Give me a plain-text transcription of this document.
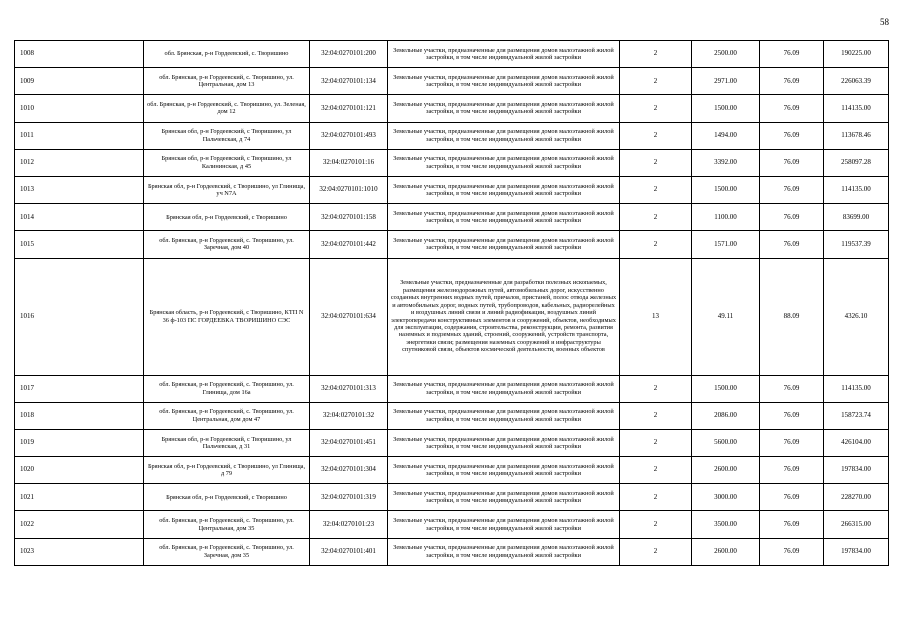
58
1008	обл. Брянская, р-н Гордеевский, с. Творишино	32:04:0270101:200	Земельные участки, предназначенные для размещения домов малоэтажной жилой застройки, в том числе индивидуальной жилой застройки	2	2500.00	76.09	190225.00
1009	обл. Брянская, р-н Гордеевский, с. Творишино, ул. Центральная, дом 13	32:04:0270101:134	Земельные участки, предназначенные для размещения домов малоэтажной жилой застройки, в том числе индивидуальной жилой застройки	2	2971.00	76.09	226063.39
1010	обл. Брянская, р-н Гордеевский, с. Творишино, ул. Зеленая, дом 12	32:04:0270101:121	Земельные участки, предназначенные для размещения домов малоэтажной жилой застройки, в том числе индивидуальной жилой застройки	2	1500.00	76.09	114135.00
1011	Брянская обл, р-н Гордеевский, с Творишино, ул Пальчевская, д 74	32:04:0270101:493	Земельные участки, предназначенные для размещения домов малоэтажной жилой застройки, в том числе индивидуальной жилой застройки	2	1494.00	76.09	113678.46
1012	Брянская обл, р-н Гордеевский, с Творишино, ул Калининская, д 45	32:04:0270101:16	Земельные участки, предназначенные для размещения домов малоэтажной жилой застройки, в том числе индивидуальной жилой застройки	2	3392.00	76.09	258097.28
1013	Брянская обл, р-н Гордеевский, с Творишино, ул Глинища, уч N7А	32:04:0270101:1010	Земельные участки, предназначенные для размещения домов малоэтажной жилой застройки, в том числе индивидуальной жилой застройки	2	1500.00	76.09	114135.00
1014	Брянская обл, р-н Гордеевский, с Творишино	32:04:0270101:158	Земельные участки, предназначенные для размещения домов малоэтажной жилой застройки, в том числе индивидуальной жилой застройки	2	1100.00	76.09	83699.00
1015	обл. Брянская, р-н Гордеевский, с. Творишино, ул. Заречная, дом 40	32:04:0270101:442	Земельные участки, предназначенные для размещения домов малоэтажной жилой застройки, в том числе индивидуальной жилой застройки	2	1571.00	76.09	119537.39
1016	Брянская область, р-н Гордеевский, с Творишино, КТП N 36 ф-103 ПС ГОРДЕЕВКА ТВОРИШИНО СЭС	32:04:0270101:634	Земельные участки, предназначенные для разработки полезных ископаемых, размещения железнодорожных путей, автомобильных дорог, искусственно созданных внутренних водных путей, причалов, пристаней, полос отвода железных и автомобильных дорог, водных путей, трубопроводов, кабельных, радиорелейных и воздушных линий связи и линий радиофикации, воздушных линий электропередачи конструктивных элементов и сооружений, объектов, необходимых для эксплуатации, содержания, строительства, реконструкции, ремонта, развития наземных и подземных зданий, строений, сооружений, устройств транспорта, энергетики связи; размещения наземных сооружений и инфраструктуры спутниковой связи, объектов космической деятельности, военных объектов	13	49.11	88.09	4326.10
1017	обл. Брянская, р-н Гордеевский, с. Творишино, ул. Глинища, дом 16а	32:04:0270101:313	Земельные участки, предназначенные для размещения домов малоэтажной жилой застройки, в том числе индивидуальной жилой застройки	2	1500.00	76.09	114135.00
1018	обл. Брянская, р-н Гордеевский, с. Творишино, ул. Центральная, дом дом 47	32:04:0270101:32	Земельные участки, предназначенные для размещения домов малоэтажной жилой застройки, в том числе индивидуальной жилой застройки	2	2086.00	76.09	158723.74
1019	Брянская обл, р-н Гордеевский, с Творишино, ул Пальчевская, д 31	32:04:0270101:451	Земельные участки, предназначенные для размещения домов малоэтажной жилой застройки, в том числе индивидуальной жилой застройки	2	5600.00	76.09	426104.00
1020	Брянская обл, р-н Гордеевский, с Творишино, ул Глинища, д 79	32:04:0270101:304	Земельные участки, предназначенные для размещения домов малоэтажной жилой застройки, в том числе индивидуальной жилой застройки	2	2600.00	76.09	197834.00
1021	Брянская обл, р-н Гордеевский, с Творишино	32:04:0270101:319	Земельные участки, предназначенные для размещения домов малоэтажной жилой застройки, в том числе индивидуальной жилой застройки	2	3000.00	76.09	228270.00
1022	обл. Брянская, р-н Гордеевский, с. Творишино, ул. Центральная, дом 35	32:04:0270101:23	Земельные участки, предназначенные для размещения домов малоэтажной жилой застройки, в том числе индивидуальной жилой застройки	2	3500.00	76.09	266315.00
1023	обл. Брянская, р-н Гордеевский, с. Творишино, ул. Заречная, дом 35	32:04:0270101:401	Земельные участки, предназначенные для размещения домов малоэтажной жилой застройки, в том числе индивидуальной жилой застройки	2	2600.00	76.09	197834.00
